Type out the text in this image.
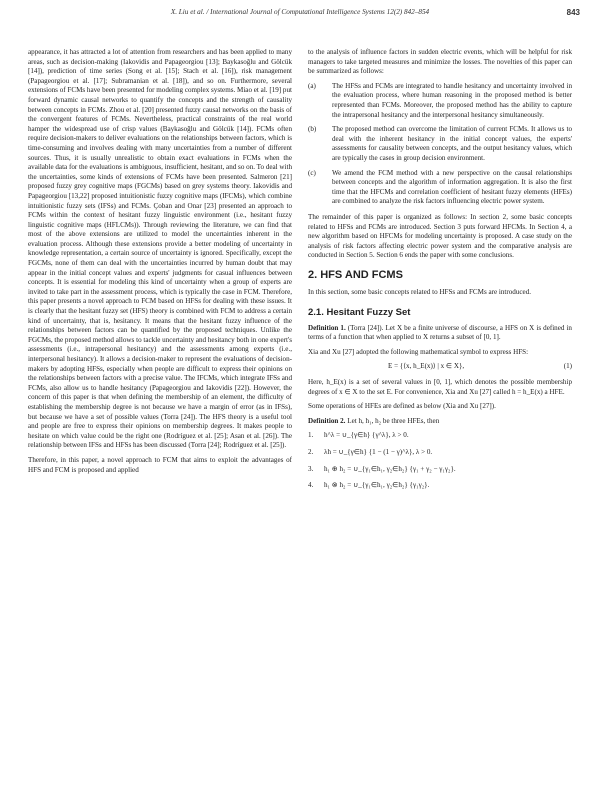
X. Liu et al. / International Journal of Computational Intelligence Systems 12(2) 842–854	843

appearance, it has attracted a lot of attention from researchers and has been applied to many areas, such as decision-making (Iakovidis and Papageorgiou [13]; Baykasoğlu and Gölcük [14]), prediction of time series (Song et al. [15]; Stach et al. [16]), risk management (Papageorgiou et al. [17]; Subramanian et al. [18]), and so on. Furthermore, several extensions of FCMs have been presented for modeling complex systems. Miao et al. [19] put forward dynamic causal networks to quantify the concepts and the strength of causality between concepts in FCMs. Zhou et al. [20] presented fuzzy causal networks on the basis of the convergent features of FCMs. Nevertheless, practical constraints of the real world hamper the widespread use of crisp values (Baykasoğlu and Gölcük [14]). FCMs often require decision-makers to deliver evaluations on the relationships between factors, which is time-consuming and involves dealing with many uncertainties from a number of different sources. Thus, it is usually unrealistic to obtain exact evaluations in FCMs when the available data for the evaluations is ambiguous, insufficient, hesitant, and so on. To deal with the uncertainties, some kinds of extensions of FCMs have been presented. Salmeron [21] proposed fuzzy grey cognitive maps (FGCMs) based on grey systems theory. Iakovidis and Papageorgiou [13,22] proposed intuitionistic fuzzy cognitive maps (IFCMs), which combine intuitionistic fuzzy sets (IFSs) and FCMs. Çoban and Onar [23] presented an approach to FCMs within the context of hesitant fuzzy linguistic environment (i.e., hesitant fuzzy linguistic cognitive maps (HFLCMs)). Through reviewing the literature, we can find that most of the above extensions are utilized to model the uncertainties inherent in the evaluation process. Although these extensions provide a better modeling of uncertainty in knowledge representation, a certain source of uncertainty is ignored. Specifically, except the FGCMs, none of them can deal with the uncertainties incurred by human doubt that may appear in the initial concept values and experts' judgments for casual influences between concepts. It is essential for modeling this kind of uncertainty when a group of experts are invited to take part in the assessment process, which is typically the case in FCM. Therefore, this paper presents a novel approach to FCM based on HFSs for dealing with these issues. It is clearly that the hesitant fuzzy set (HFS) theory is combined with FCM to address a certain kind of uncertainty, that is, hesitancy. It means that the hesitant fuzzy influence of the relationships between factors can be quantified by the proposed techniques. Unlike the FGCMs, the proposed method allows to tackle uncertainty and hesitancy both in one expert's assessments (i.e., intrapersonal hesitancy) and the assessments among experts (i.e., interpersonal hesitancy). It allows a decision-maker to represent the evaluations of decision-makers by adopting HFSs, especially when people are difficult to express their opinions on the relationships between factors with a precise value. The IFCMs, which integrate IFSs and FCMs, also allow us to handle hesitancy (Papageorgiou and Iakovidis [22]). However, the concern of this paper is that when defining the membership of an element, the difficulty of establishing the membership degree is not because we have a margin of error (as in IFSs), but because we have a set of possible values (Torra [24]). The HFS theory is a useful tool and people are free to express their opinions on membership degrees. It makes people to hesitate on which value could be the right one (Rodríguez et al. [25]; Asan et al. [26]). The relationship between IFSs and HFSs has been discussed (Torra [24]; Rodríguez et al. [25]).

Therefore, in this paper, a novel approach to FCM that aims to exploit the advantages of HFS and FCM is proposed and applied

to the analysis of influence factors in sudden electric events, which will be helpful for risk managers to take targeted measures and minimize the losses. The novelties of this paper can be summarized as follows:

(a) The HFSs and FCMs are integrated to handle hesitancy and uncertainty involved in the evaluation process, where human reasoning in the proposed method is better represented than FCMs. Moreover, the proposed method has the ability to capture the intrapersonal hesitancy and the interpersonal hesitancy simultaneously.
(b) The proposed method can overcome the limitation of current FCMs. It allows us to deal with the inherent hesitancy in the initial concept values, the experts' assessments for causality between concepts, and the output hesitancy values, which are typically the cases in group decision environment.
(c) We amend the FCM method with a new perspective on the causal relationships between concepts and the algorithm of information aggregation. It is also the first time that the HFCMs and correlation coefficient of hesitant fuzzy elements (HFEs) are combined to analyze the risk factors influencing electric power system.

The remainder of this paper is organized as follows: In section 2, some basic concepts related to HFSs and FCMs are introduced. Section 3 puts forward HFCMs. In Section 4, a new algorithm based on HFCMs for modeling uncertainty is proposed. A case study on the analysis of risk factors affecting electric power system and the comparative analysis are conducted in Section 5. Section 6 ends the paper with some conclusions.

2. HFS AND FCMS

In this section, some basic concepts related to HFSs and FCMs are introduced.

2.1. Hesitant Fuzzy Set

Definition 1. (Torra [24]). Let X be a finite universe of discourse, a HFS on X is defined in terms of a function that when applied to X returns a subset of [0, 1].

Xia and Xu [27] adopted the following mathematical symbol to express HFS:

E = {⟨x, h_E(x)⟩ | x ∈ X},	(1)

Here, h_E(x) is a set of several values in [0, 1], which denotes the possible membership degrees of x ∈ X to the set E. For convenience, Xia and Xu [27] called h = h_E(x) a HFE.

Some operations of HFEs are defined as below (Xia and Xu [27]).

Definition 2. Let h, h₁, h₂ be three HFEs, then

1.	h^λ = ∪_{γ∈h} {γ^λ}, λ > 0.
2.	λh = ∪_{γ∈h} {1 − (1 − γ)^λ}, λ > 0.
3.	h₁ ⊕ h₂ = ∪_{γ₁∈h₁, γ₂∈h₂} {γ₁ + γ₂ − γ₁γ₂}.
4.	h₁ ⊗ h₂ = ∪_{γ₁∈h₁, γ₂∈h₂} {γ₁γ₂}.
